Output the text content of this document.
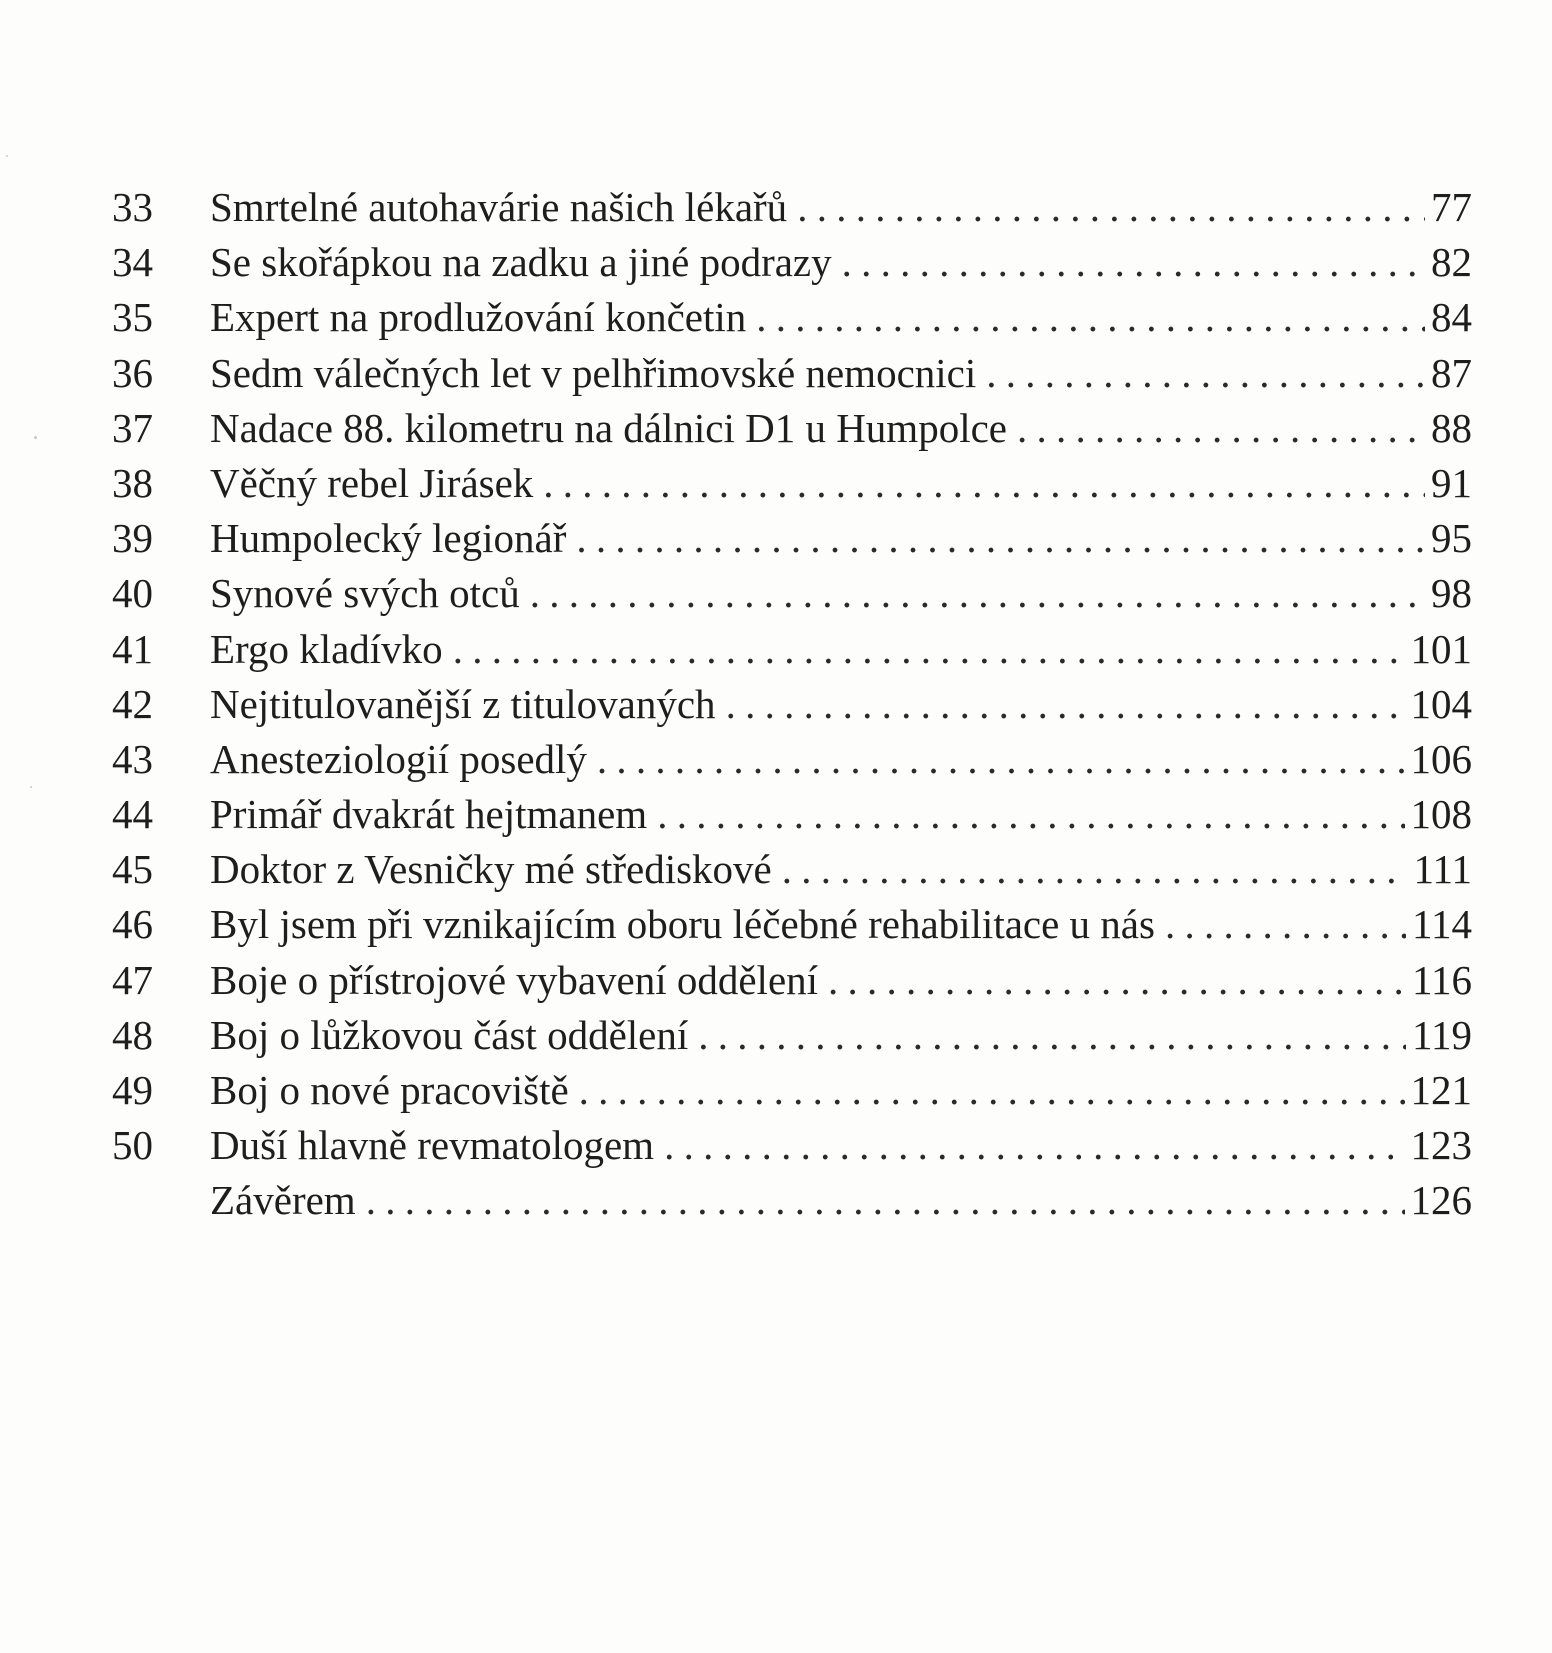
33	Smrtelné autohavárie našich lékařů . . .	77
34	Se skořápkou na zadku a jiné podrazy . . .	82
35	Expert na prodlužování končetin . . .	84
36	Sedm válečných let v pelhřimovské nemocnici . . .	87
37	Nadace 88. kilometru na dálnici D1 u Humpolce . . .	88
38	Věčný rebel Jirásek . . .	91
39	Humpolecký legionář . . .	95
40	Synové svých otců . . .	98
41	Ergo kladívko . . .	101
42	Nejtitulovanější z titulovaných . . .	104
43	Anesteziologií posedlý . . .	106
44	Primář dvakrát hejtmanem . . .	108
45	Doktor z Vesničky mé střediskové . . .	111
46	Byl jsem při vznikajícím oboru léčebné rehabilitace u nás . . .	114
47	Boje o přístrojové vybavení oddělení . . .	116
48	Boj o lůžkovou část oddělení . . .	119
49	Boj o nové pracoviště . . .	121
50	Duší hlavně revmatologem . . .	123
Závěrem . . .	126
